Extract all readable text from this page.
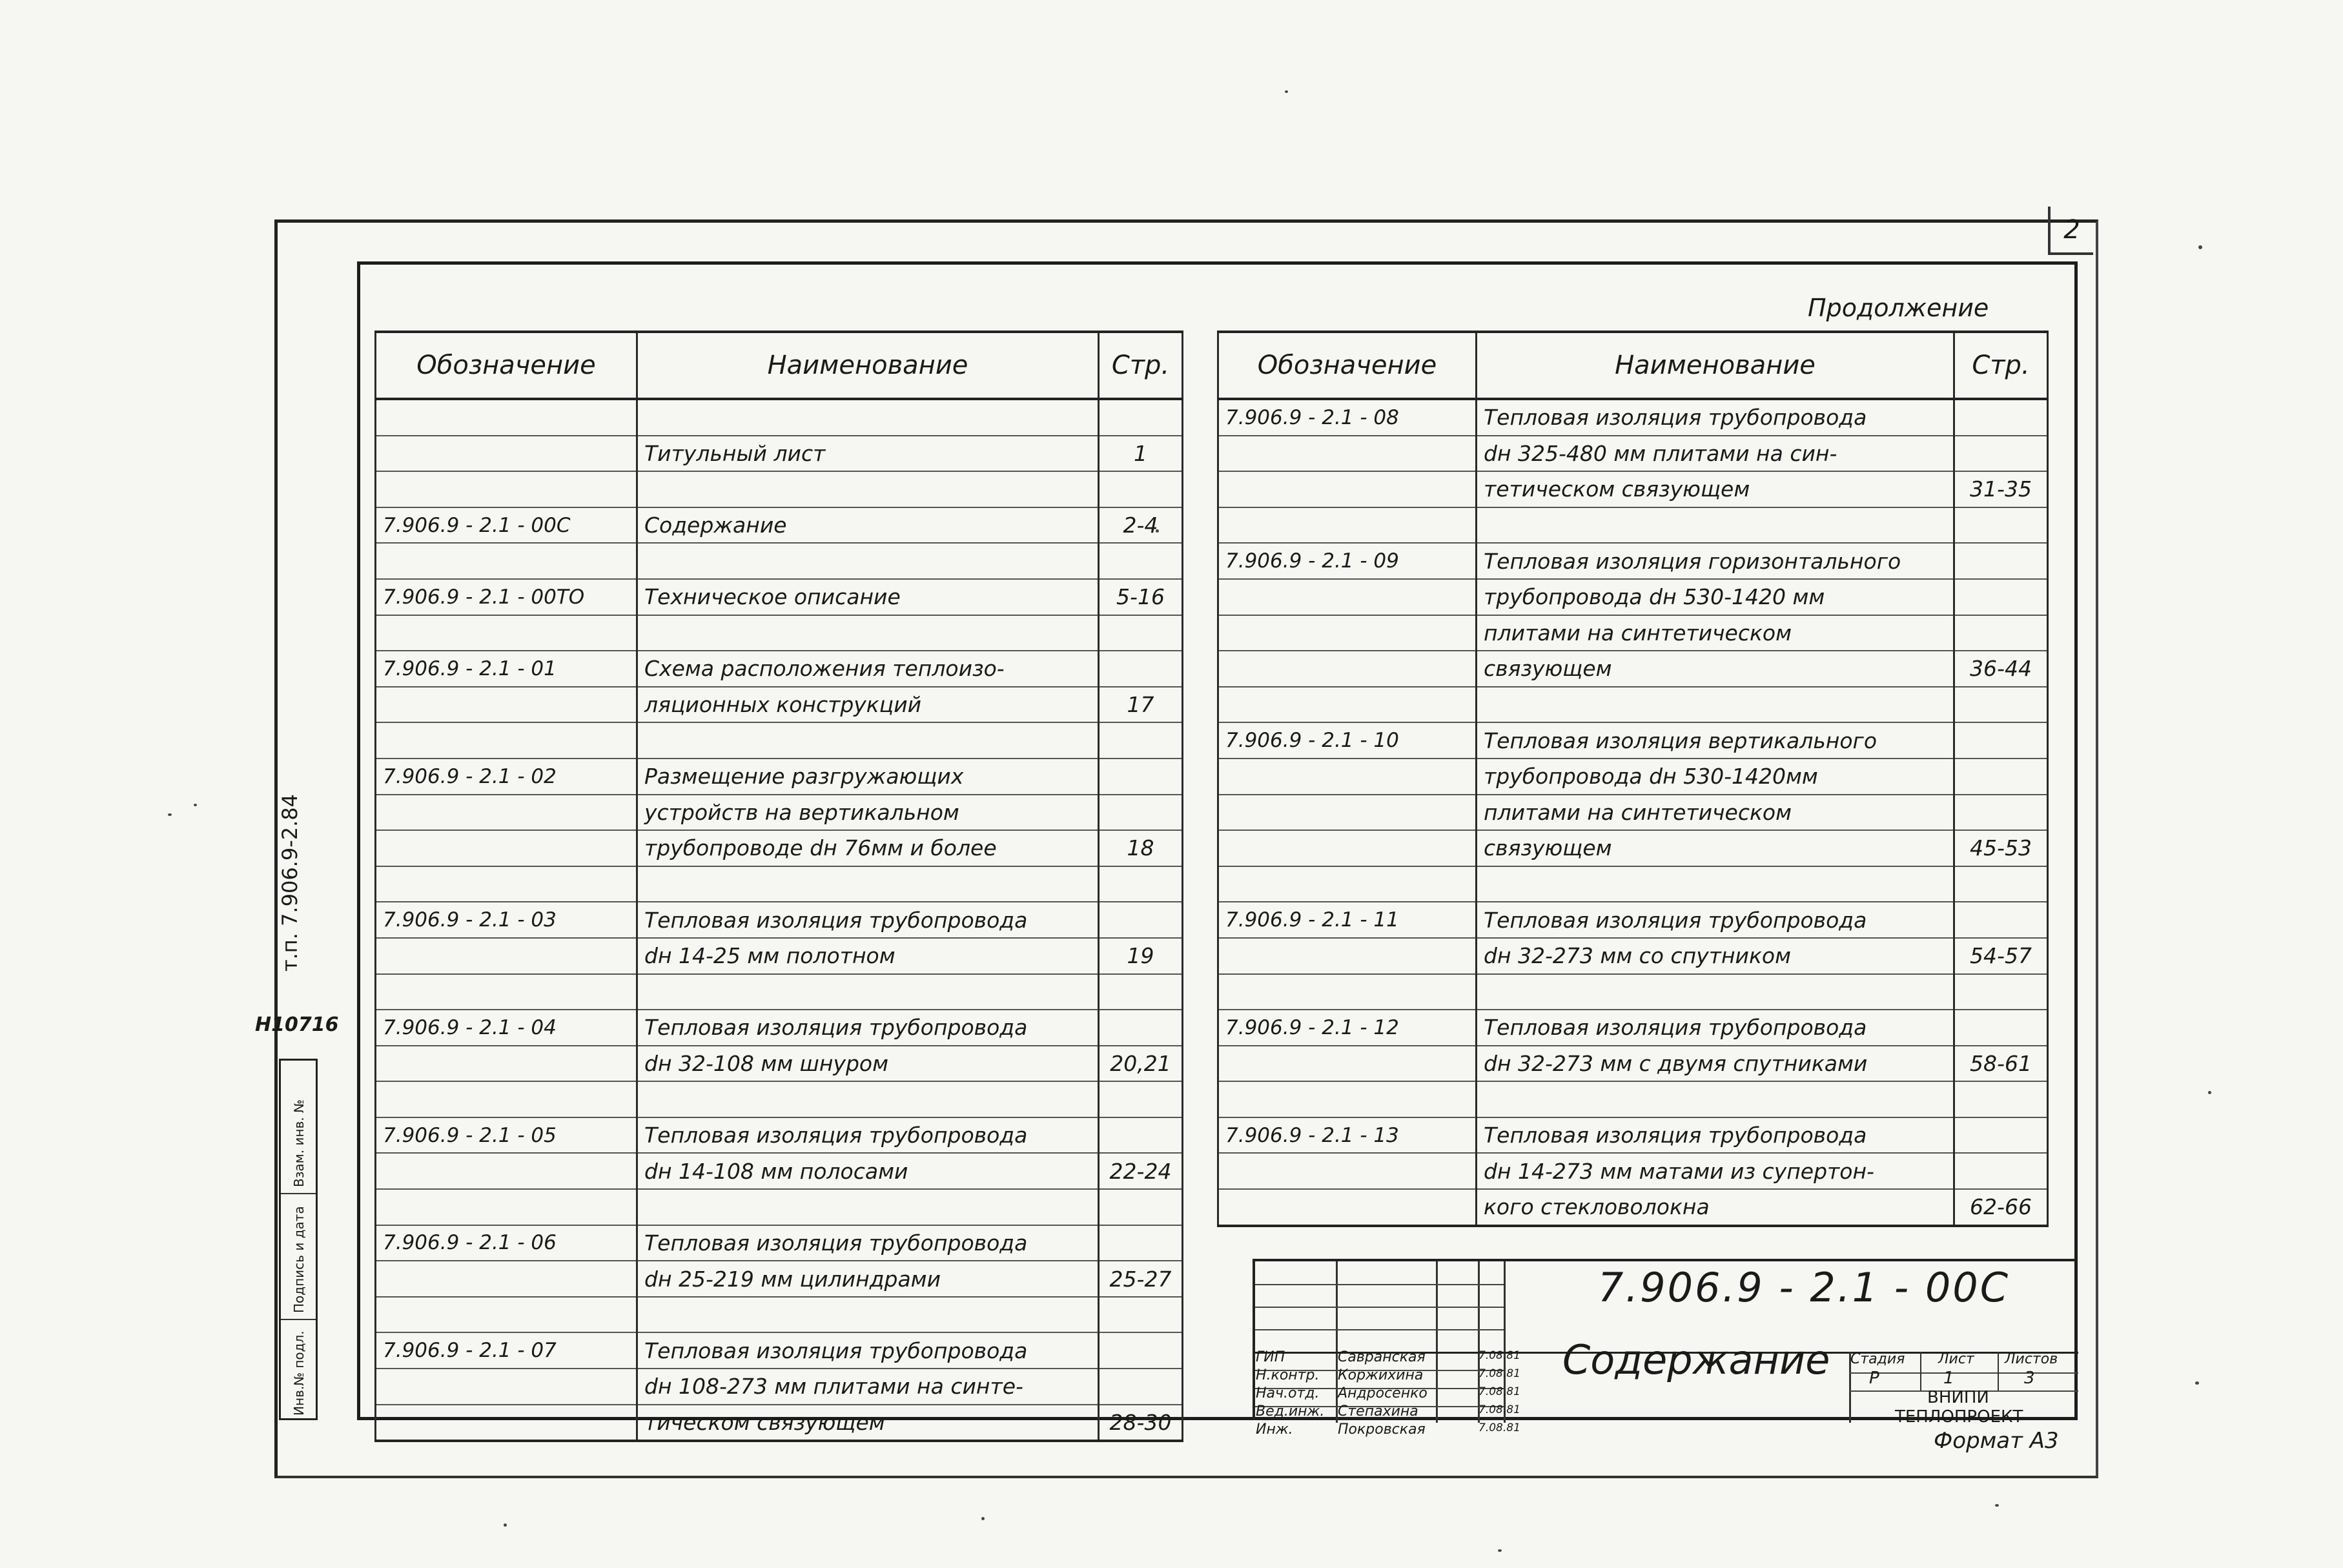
2
т.п. 7.906.9-2.84
Н10716
Взам. инв. №
Подпись и дата
Инв.№ подл.
Продолжение
Обозначение	Наименование	Стр.

	Титульный лист	1

7.906.9 - 2.1 - 00С	Содержание	2-4

7.906.9 - 2.1 - 00ТО	Техническое описание	5-16

7.906.9 - 2.1 - 01	Схема расположения теплоизо-	
	ляционных конструкций	17

7.906.9 - 2.1 - 02	Размещение разгружающих	
	устройств на вертикальном	
	трубопроводе dн 76мм и более	18

7.906.9 - 2.1 - 03	Тепловая изоляция трубопровода	
	dн 14-25 мм полотном	19

7.906.9 - 2.1 - 04	Тепловая изоляция трубопровода	
	dн 32-108 мм шнуром	20,21

7.906.9 - 2.1 - 05	Тепловая изоляция трубопровода	
	dн 14-108 мм полосами	22-24

7.906.9 - 2.1 - 06	Тепловая изоляция трубопровода	
	dн 25-219 мм цилиндрами	25-27

7.906.9 - 2.1 - 07	Тепловая изоляция трубопровода	
	dн 108-273 мм плитами на синте-	
	тическом связующем	28-30
Обозначение	Наименование	Стр.
7.906.9 - 2.1 - 08	Тепловая изоляция трубопровода	
	dн 325-480 мм плитами на син-	
	тетическом связующем	31-35

7.906.9 - 2.1 - 09	Тепловая изоляция горизонтального	
	трубопровода dн 530-1420 мм	
	плитами на синтетическом	
	связующем	36-44

7.906.9 - 2.1 - 10	Тепловая изоляция вертикального	
	трубопровода dн 530-1420мм	
	плитами на синтетическом	
	связующем	45-53

7.906.9 - 2.1 - 11	Тепловая изоляция трубопровода	
	dн 32-273 мм со спутником	54-57

7.906.9 - 2.1 - 12	Тепловая изоляция трубопровода	
	dн 32-273 мм с двумя спутниками	58-61

7.906.9 - 2.1 - 13	Тепловая изоляция трубопровода	
	dн 14-273 мм матами из супертон-	
	кого стекловолокна	62-66
7.906.9 - 2.1 - 00С
Содержание
ГИП	Савранская	7.08.81
Н.контр. Коржихина	7.08.81
Нач.отд. Андросенко	7.08.81
Вед.инж. Степахина	7.08.81
Инж.	Покровская	7.08.81
Стадия Лист Листов
Р	1	3
ВНИПИ
ТЕПЛОПРОЕКТ
Формат А3
